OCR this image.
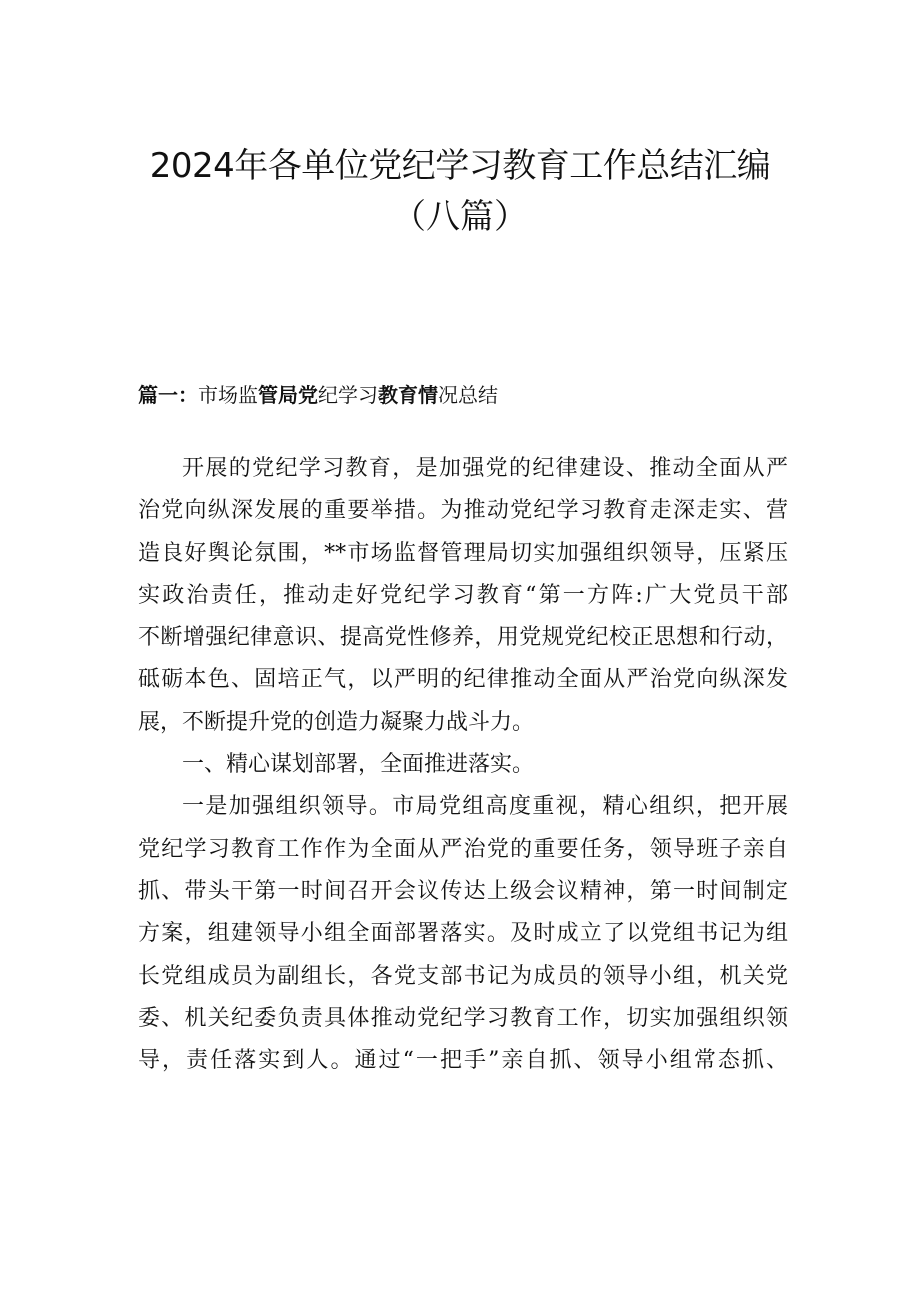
2024年各单位党纪学习教育工作总结汇编
（八篇）
篇一：市场监管局党纪学习教育情况总结
开展的党纪学习教育，是加强党的纪律建设、推动全面从严
治党向纵深发展的重要举措。为推动党纪学习教育走深走实、营
造良好舆论氛围，**市场监督管理局切实加强组织领导，压紧压
实政治责任，推动走好党纪学习教育“第一方阵:广大党员干部
不断增强纪律意识、提高党性修养，用党规党纪校正思想和行动，
砥砺本色、固培正气，以严明的纪律推动全面从严治党向纵深发
展，不断提升党的创造力凝聚力战斗力。
一、精心谋划部署，全面推进落实。
一是加强组织领导。市局党组高度重视，精心组织，把开展
党纪学习教育工作作为全面从严治党的重要任务，领导班子亲自
抓、带头干第一时间召开会议传达上级会议精神，第一时间制定
方案，组建领导小组全面部署落实。及时成立了以党组书记为组
长党组成员为副组长，各党支部书记为成员的领导小组，机关党
委、机关纪委负责具体推动党纪学习教育工作，切实加强组织领
导，责任落实到人。通过“一把手”亲自抓、领导小组常态抓、
